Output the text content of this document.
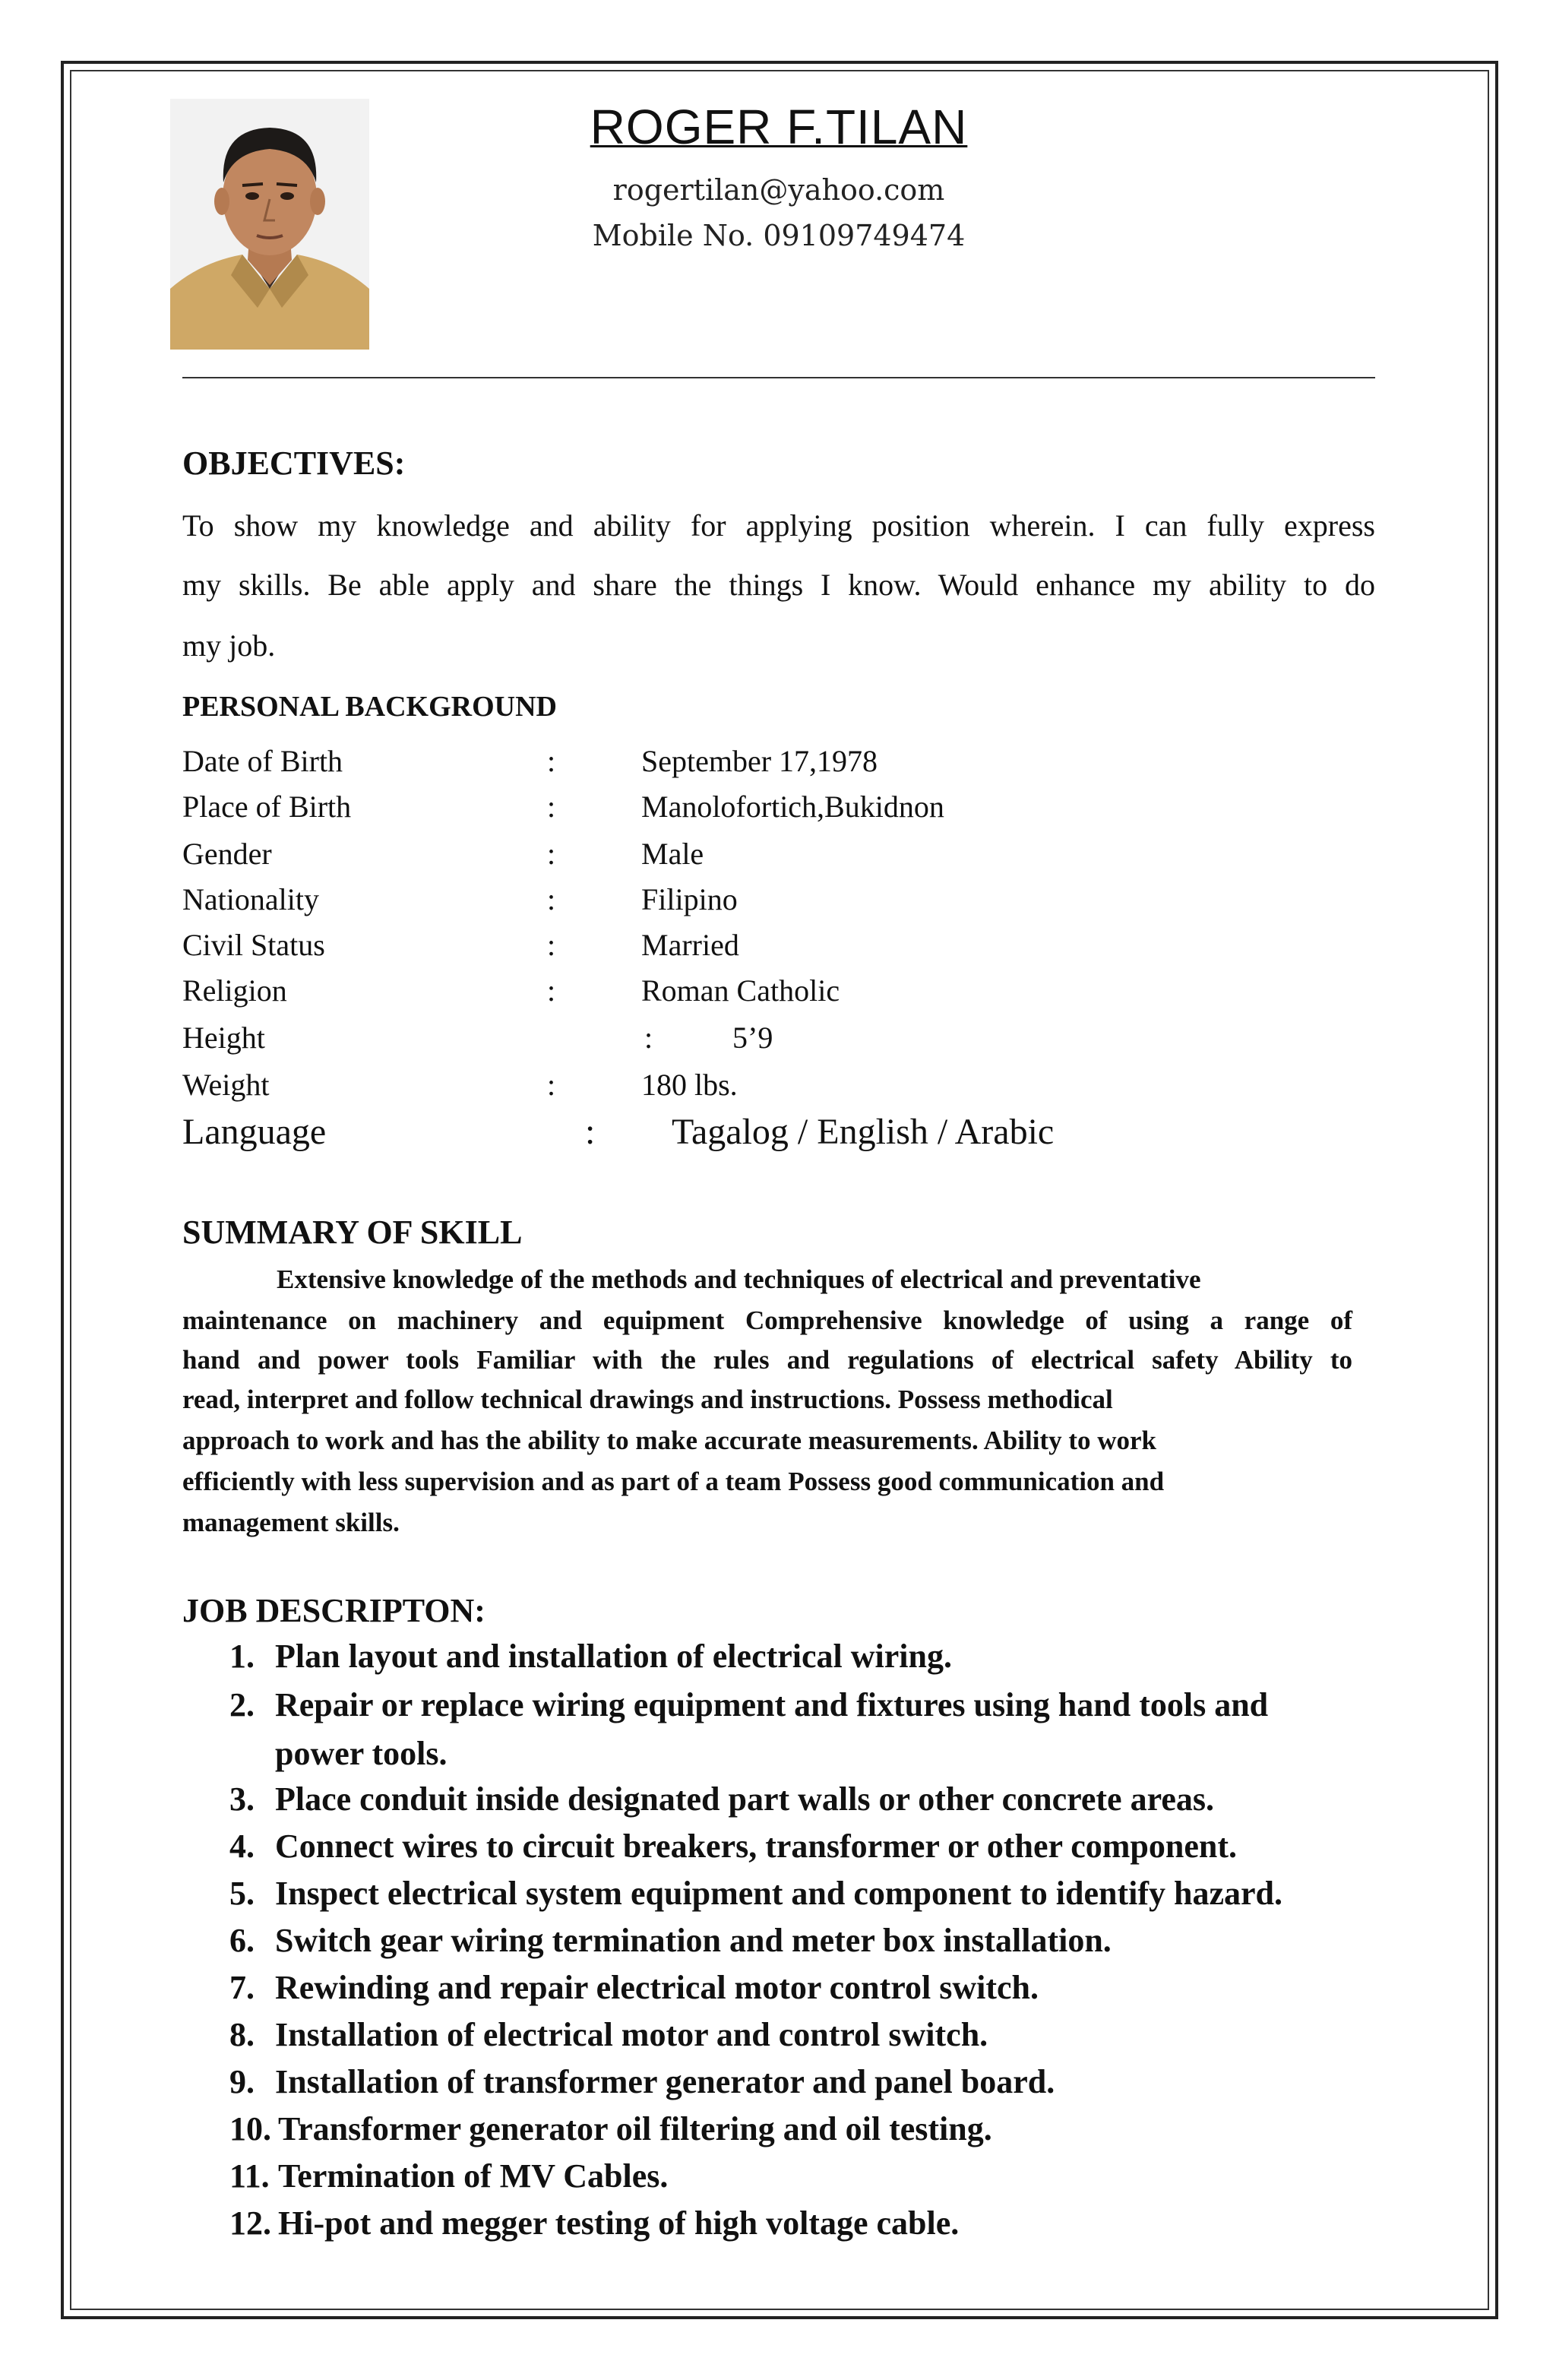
ROGER F.TILAN
rogertilan@yahoo.com
Mobile No. 09109749474
OBJECTIVES:
To show my knowledge and ability for applying position wherein. I can fully express
my skills. Be able apply and share the things I know. Would enhance my ability to do
my job.
PERSONAL BACKGROUND
Date of Birth	:	September 17,1978
Place of Birth	:	Manolofortich,Bukidnon
Gender	:	Male
Nationality	:	Filipino
Civil Status	:	Married
Religion	:	Roman Catholic
Height	:	5’9
Weight	:	180 lbs.
Language	: Tagalog / English / Arabic
SUMMARY OF SKILL
Extensive knowledge of the methods and techniques of electrical and preventative
maintenance on machinery and equipment Comprehensive knowledge of using a range of
hand and power tools Familiar with the rules and regulations of electrical safety Ability to
read, interpret and follow technical drawings and instructions. Possess methodical
approach to work and has the ability to make accurate measurements. Ability to work
efficiently with less supervision and as part of a team Possess good communication and
management skills.
JOB DESCRIPTON:
1. Plan layout and installation of electrical wiring.
2. Repair or replace wiring equipment and fixtures using hand tools and
power tools.
3. Place conduit inside designated part walls or other concrete areas.
4. Connect wires to circuit breakers, transformer or other component.
5. Inspect electrical system equipment and component to identify hazard.
6. Switch gear wiring termination and meter box installation.
7. Rewinding and repair electrical motor control switch.
8. Installation of electrical motor and control switch.
9. Installation of transformer generator and panel board.
10. Transformer generator oil filtering and oil testing.
11. Termination of MV Cables.
12. Hi-pot and megger testing of high voltage cable.
